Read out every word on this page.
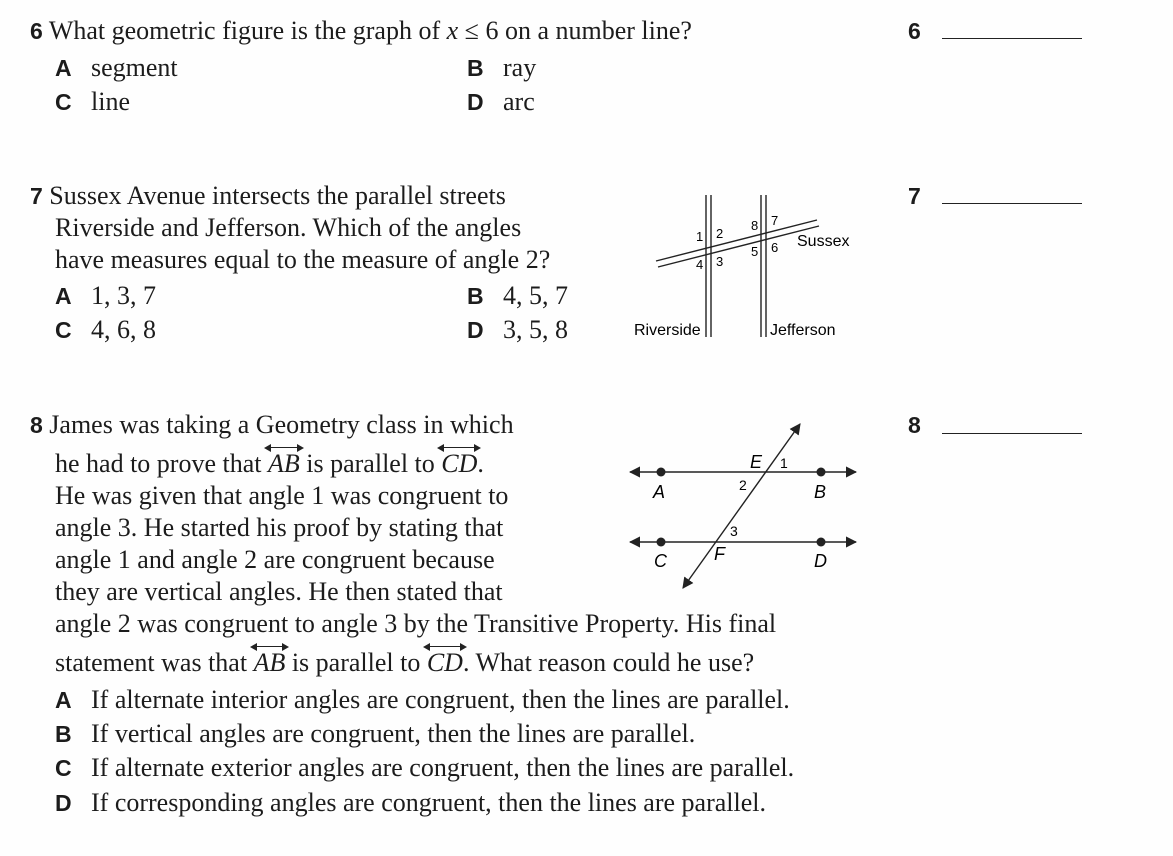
6 What geometric figure is the graph of x ≤ 6 on a number line?
A segment	B ray
C line	D arc
6
7 Sussex Avenue intersects the parallel streets
Riverside and Jefferson. Which of the angles
have measures equal to the measure of angle 2?
A 1, 3, 7	B 4, 5, 7
C 4, 6, 8	D 3, 5, 8
7
1 2
3
4
5 6
7
8
Sussex
Riverside	Jefferson
8 James was taking a Geometry class in which
he had to prove that
AB is parallel to
CD.
He was given that angle 1 was congruent to
angle 3. He started his proof by stating that
angle 1 and angle 2 are congruent because
they are vertical angles. He then stated that
angle 2 was congruent to angle 3 by the Transitive Property. His final
statement was that
AB is parallel to
CD. What reason could he use?
A If alternate interior angles are congruent, then the lines are parallel.
B If vertical angles are congruent, then the lines are parallel.
C If alternate exterior angles are congruent, then the lines are parallel.
D If corresponding angles are congruent, then the lines are parallel.
8
A	B
C	D
E
F
1
2
3
